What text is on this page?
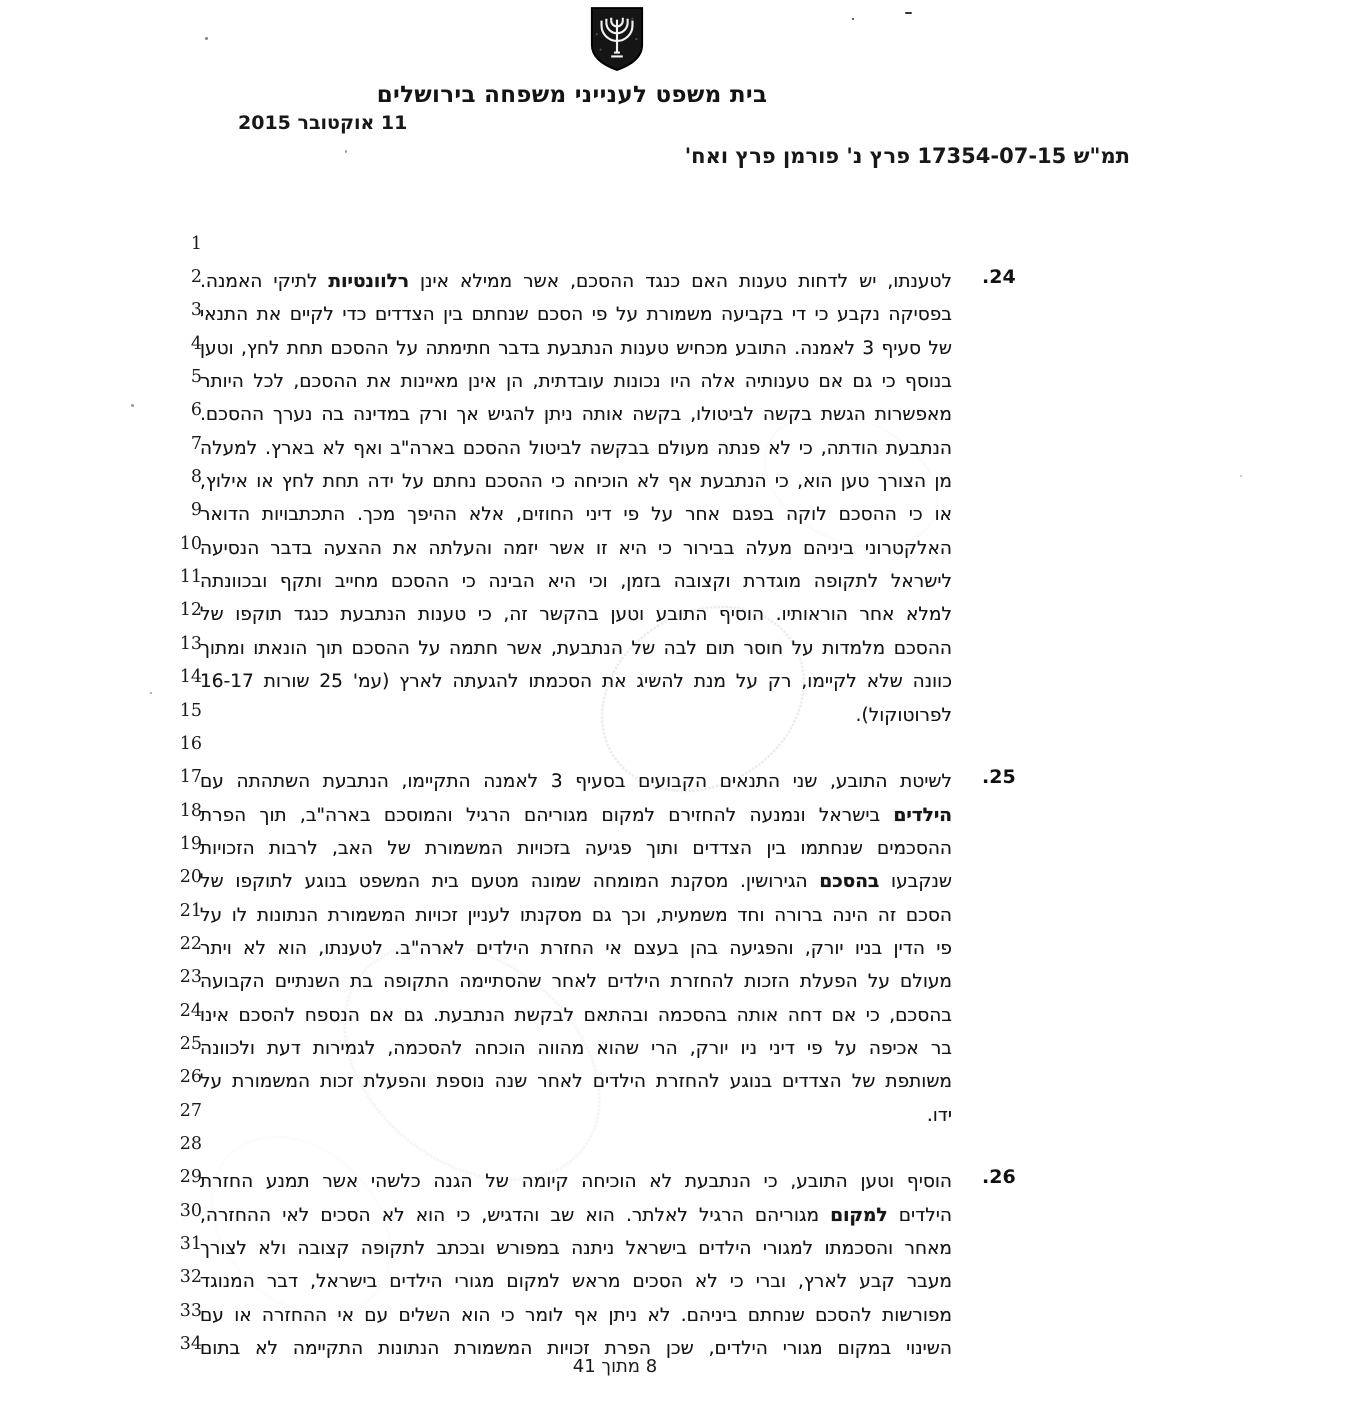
בית משפט לענייני משפחה בירושלים
11 אוקטובר 2015
תמ"ש 17354-07-15 פרץ נ' פורמן פרץ ואח'
1
2	24.
לטענתו, יש לדחות טענות האם כנגד ההסכם, אשר ממילא אינן רלוונטיות לתיקי האמנה.
3
בפסיקה נקבע כי די בקביעה משמורת על פי הסכם שנחתם בין הצדדים כדי לקיים את התנאי
4
של סעיף 3 לאמנה. התובע מכחיש טענות הנתבעת בדבר חתימתה על ההסכם תחת לחץ, וטען
5
בנוסף כי גם אם טענותיה אלה היו נכונות עובדתית, הן אינן מאיינות את ההסכם, לכל היותר
6
מאפשרות הגשת בקשה לביטולו, בקשה אותה ניתן להגיש אך ורק במדינה בה נערך ההסכם.
7
הנתבעת הודתה, כי לא פנתה מעולם בבקשה לביטול ההסכם בארה"ב ואף לא בארץ. למעלה
8
מן הצורך טען הוא, כי הנתבעת אף לא הוכיחה כי ההסכם נחתם על ידה תחת לחץ או אילוץ,
9
או כי ההסכם לוקה בפגם אחר על פי דיני החוזים, אלא ההיפך מכך. התכתבויות הדואר
10
האלקטרוני ביניהם מעלה בבירור כי היא זו אשר יזמה והעלתה את ההצעה בדבר הנסיעה
11
לישראל לתקופה מוגדרת וקצובה בזמן, וכי היא הבינה כי ההסכם מחייב ותקף ובכוונתה
12
למלא אחר הוראותיו. הוסיף התובע וטען בהקשר זה, כי טענות הנתבעת כנגד תוקפו של
13
ההסכם מלמדות על חוסר תום לבה של הנתבעת, אשר חתמה על ההסכם תוך הונאתו ומתוך
14
כוונה שלא לקיימו, רק על מנת להשיג את הסכמתו להגעתה לארץ (עמ' 25 שורות 16-17
15	לפרוטוקול).
16
17	25.
לשיטת התובע, שני התנאים הקבועים בסעיף 3 לאמנה התקיימו, הנתבעת השתהתה עם
18	הילדים בישראל ונמנעה להחזירם למקום מגוריהם הרגיל והמוסכם בארה"ב, תוך הפרת
19
ההסכמים שנחתמו בין הצדדים ותוך פגיעה בזכויות המשמורת של האב, לרבות הזכויות
20	שנקבעו בהסכם הגירושין. מסקנת המומחה שמונה מטעם בית המשפט בנוגע לתוקפו של
21
הסכם זה הינה ברורה וחד משמעית, וכך גם מסקנתו לעניין זכויות המשמורת הנתונות לו על
22
פי הדין בניו יורק, והפגיעה בהן בעצם אי החזרת הילדים לארה"ב. לטענתו, הוא לא ויתר
23
מעולם על הפעלת הזכות להחזרת הילדים לאחר שהסתיימה התקופה בת השנתיים הקבועה
24
בהסכם, כי אם דחה אותה בהסכמה ובהתאם לבקשת הנתבעת. גם אם הנספח להסכם אינו
25
בר אכיפה על פי דיני ניו יורק, הרי שהוא מהווה הוכחה להסכמה, לגמירות דעת ולכוונה
26
משותפת של הצדדים בנוגע להחזרת הילדים לאחר שנה נוספת והפעלת זכות המשמורת על
27	ידו.
28
29	26.
הוסיף וטען התובע, כי הנתבעת לא הוכיחה קיומה של הגנה כלשהי אשר תמנע החזרת
30	הילדים למקום מגוריהם הרגיל לאלתר. הוא שב והדגיש, כי הוא לא הסכים לאי ההחזרה,
31
מאחר והסכמתו למגורי הילדים בישראל ניתנה במפורש ובכתב לתקופה קצובה ולא לצורך
32
מעבר קבע לארץ, וברי כי לא הסכים מראש למקום מגורי הילדים בישראל, דבר המנוגד
33
מפורשות להסכם שנחתם ביניהם. לא ניתן אף לומר כי הוא השלים עם אי ההחזרה או עם
34
השינוי במקום מגורי הילדים, שכן הפרת זכויות המשמורת הנתונות התקיימה לא בתום
8 מתוך 41
